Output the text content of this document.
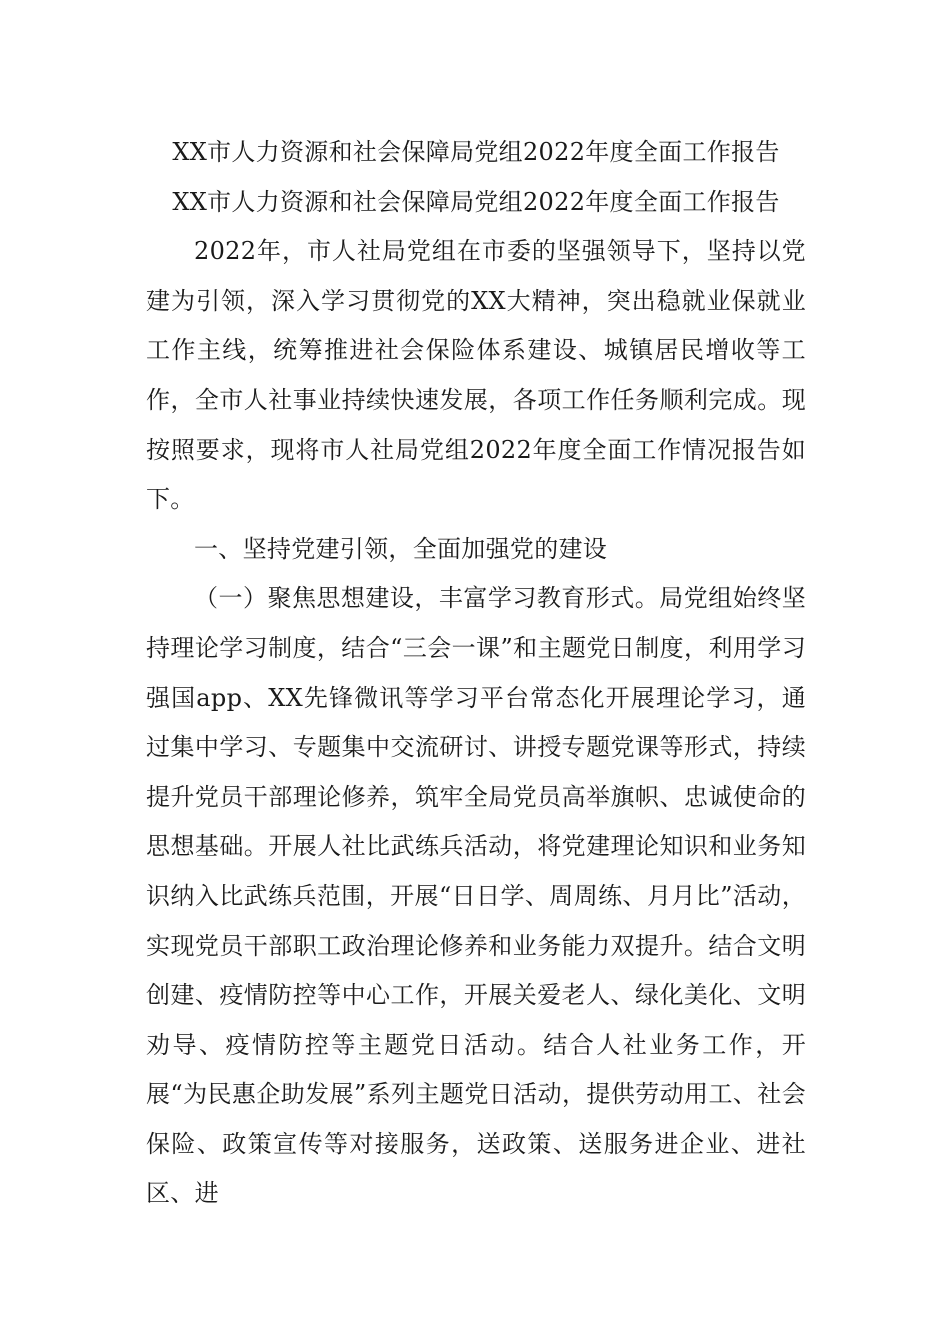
XX市人力资源和社会保障局党组2022年度全面工作报告
XX市人力资源和社会保障局党组2022年度全面工作报告

2022年，市人社局党组在市委的坚强领导下，坚持以党建为引领，深入学习贯彻党的XX大精神，突出稳就业保就业工作主线，统筹推进社会保险体系建设、城镇居民增收等工作，全市人社事业持续快速发展，各项工作任务顺利完成。现按照要求，现将市人社局党组2022年度全面工作情况报告如下。

一、坚持党建引领，全面加强党的建设

（一）聚焦思想建设，丰富学习教育形式。局党组始终坚持理论学习制度，结合“三会一课”和主题党日制度，利用学习强国app、XX先锋微讯等学习平台常态化开展理论学习，通过集中学习、专题集中交流研讨、讲授专题党课等形式，持续提升党员干部理论修养，筑牢全局党员高举旗帜、忠诚使命的思想基础。开展人社比武练兵活动，将党建理论知识和业务知识纳入比武练兵范围，开展“日日学、周周练、月月比”活动，实现党员干部职工政治理论修养和业务能力双提升。结合文明创建、疫情防控等中心工作，开展关爱老人、绿化美化、文明劝导、疫情防控等主题党日活动。结合人社业务工作，开展“为民惠企助发展”系列主题党日活动，提供劳动用工、社会保险、政策宣传等对接服务，送政策、送服务进企业、进社区、进
